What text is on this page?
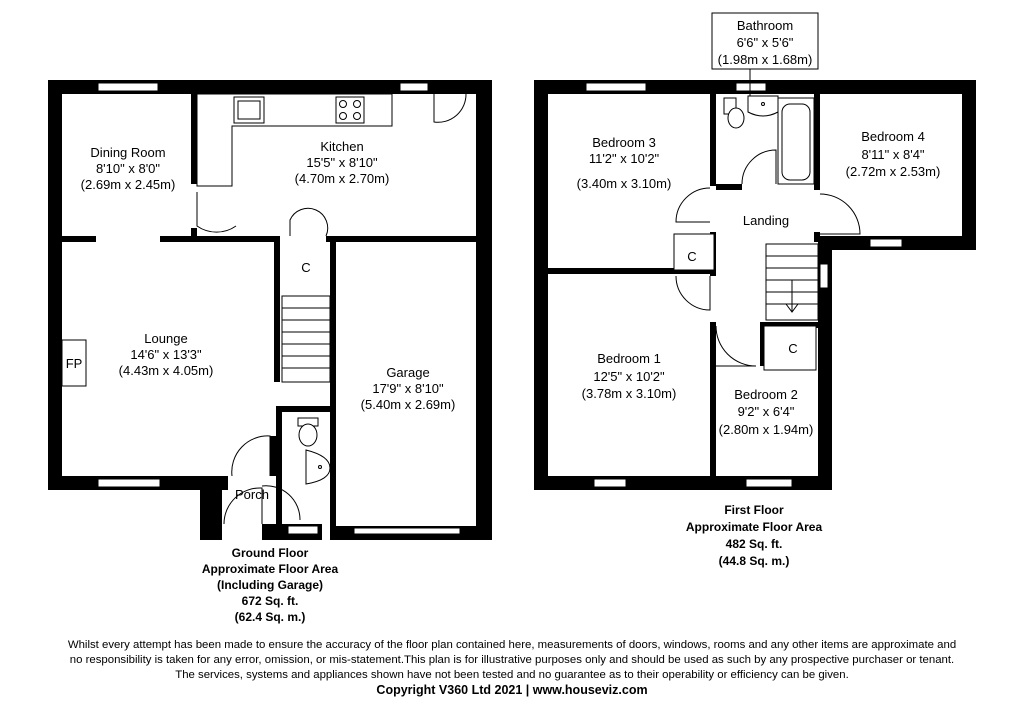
Dining Room
8'10" x 8'0"
(2.69m x 2.45m)
Kitchen
15'5" x 8'10"
(4.70m x 2.70m)
Lounge
14'6" x 13'3"
(4.43m x 4.05m)	Garage
17'9" x 8'10"
(5.40m x 2.69m)
Porch
FP
C
Ground Floor
Approximate Floor Area
(Including Garage)
672 Sq. ft.
(62.4 Sq. m.)
Bedroom 3
11'2" x 10'2"
(3.40m x 3.10m)
Bedroom 4
8'11" x 8'4"
(2.72m x 2.53m)
Landing
C
C
Bedroom 1
12'5" x 10'2"
(3.78m x 3.10m)	Bedroom 2
9'2" x 6'4"
(2.80m x 1.94m)
Bathroom
6'6" x 5'6"
(1.98m x 1.68m)
First Floor
Approximate Floor Area
482 Sq. ft.
(44.8 Sq. m.)

Whilst every attempt has been made to ensure the accuracy of the floor plan contained here, measurements of doors, windows, rooms and any other items are approximate and

no responsibility is taken for any error, omission, or mis-statement.This plan is for illustrative purposes only and should be used as such by any prospective purchaser or tenant.

The services, systems and appliances shown have not been tested and no guarantee as to their operability or efficiency can be given.

Copyright V360 Ltd 2021 | www.houseviz.com
